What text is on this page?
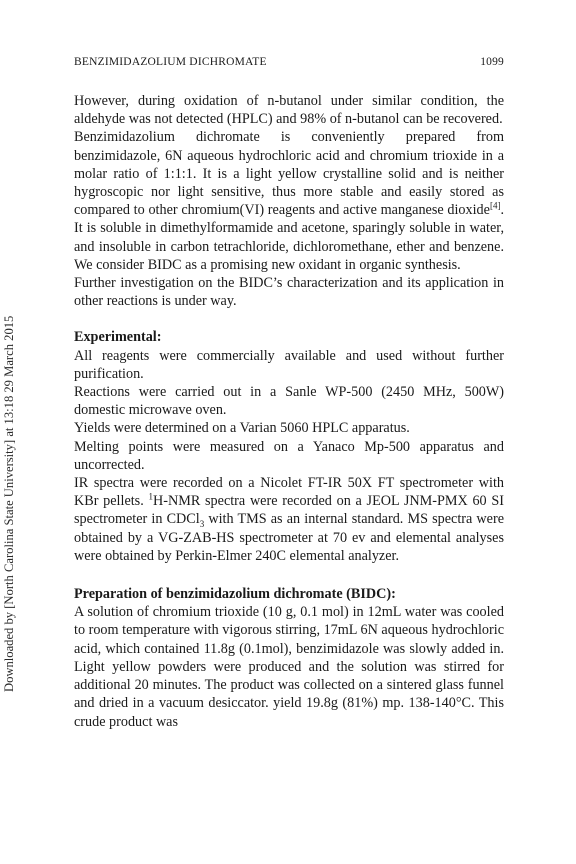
BENZIMIDAZOLIUM DICHROMATE	1099
Downloaded by [North Carolina State University] at 13:18 29 March 2015

However, during oxidation of n-butanol under similar condition, the aldehyde was not detected (HPLC) and 98% of n-butanol can be recovered.

Benzimidazolium dichromate is conveniently prepared from benzimidazole, 6N aqueous hydrochloric acid and chromium trioxide in a molar ratio of 1:1:1. It is a light yellow crystalline solid and is neither hygroscopic nor light sensitive, thus more stable and easily stored as compared to other chromium(VI) reagents and active manganese dioxide[4]. It is soluble in dimethylformamide and acetone, sparingly soluble in water, and insoluble in carbon tetrachloride, dichloromethane, ether and benzene. We consider BIDC as a promising new oxidant in organic synthesis.

Further investigation on the BIDC’s characterization and its application in other reactions is under way.

Experimental:

All reagents were commercially available and used without further purification.

Reactions were carried out in a Sanle WP-500 (2450 MHz, 500W) domestic microwave oven.

Yields were determined on a Varian 5060 HPLC apparatus.

Melting points were measured on a Yanaco Mp-500 apparatus and uncorrected.

IR spectra were recorded on a Nicolet FT-IR 50X FT spectrometer with KBr pellets. $^1$H-NMR spectra were recorded on a JEOL JNM-PMX 60 SI spectrometer in CDCl$_3$ with TMS as an internal standard. MS spectra were obtained by a VG-ZAB-HS spectrometer at 70 ev and elemental analyses were obtained by Perkin-Elmer 240C elemental analyzer.

Preparation of benzimidazolium dichromate (BIDC):

A solution of chromium trioxide (10 g, 0.1 mol) in 12mL water was cooled to room temperature with vigorous stirring, 17mL 6N aqueous hydrochloric acid, which contained 11.8g (0.1mol), benzimidazole was slowly added in. Light yellow powders were produced and the solution was stirred for additional 20 minutes. The product was collected on a sintered glass funnel and dried in a vacuum desiccator. yield 19.8g (81%) mp. 138-140°C. This crude product was
